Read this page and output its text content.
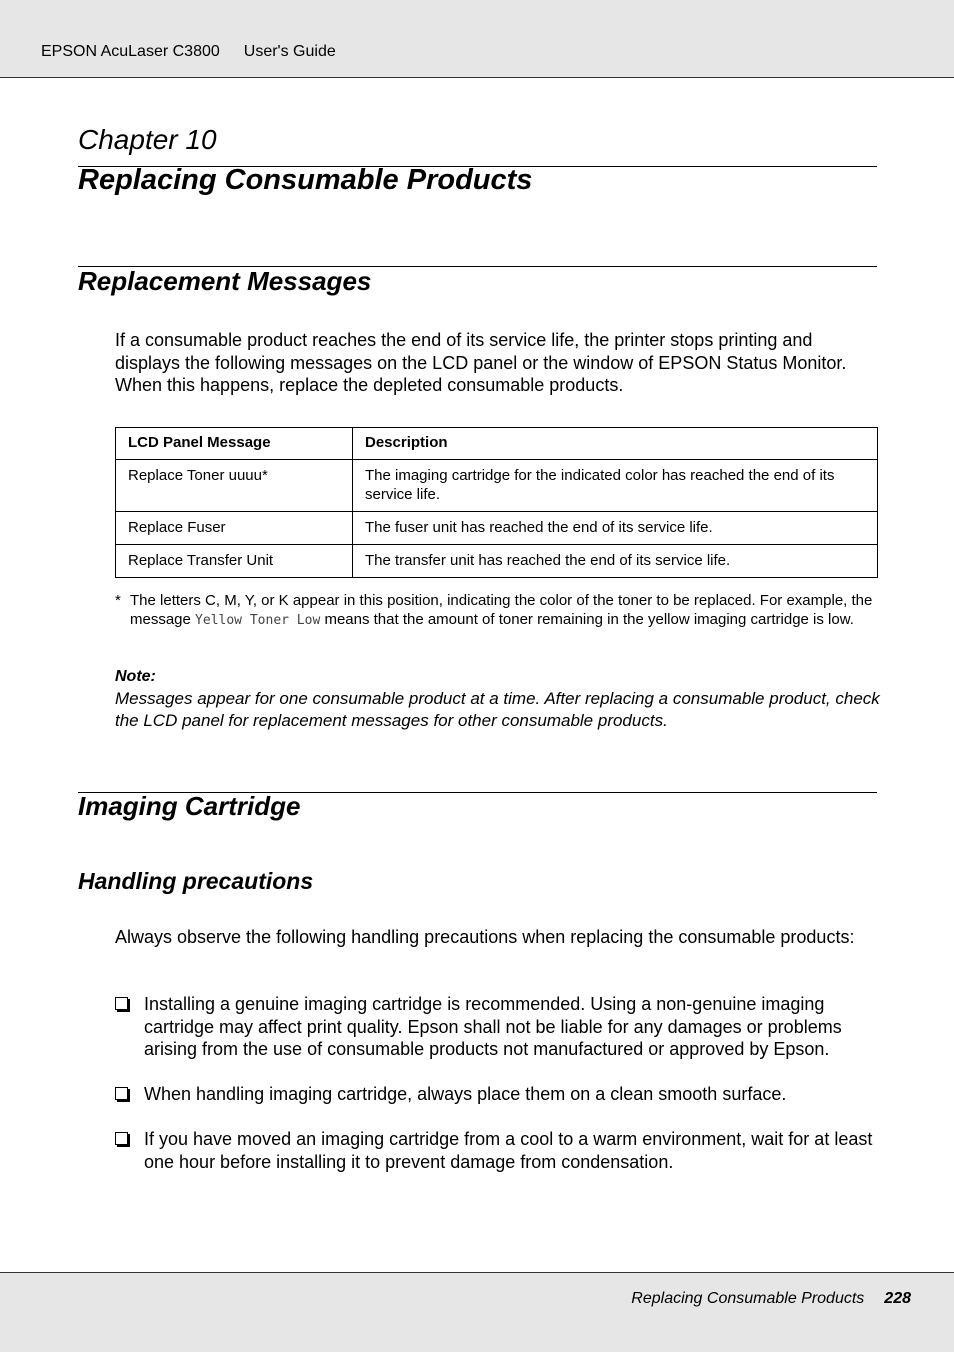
EPSON AcuLaser C3800 User's Guide
Chapter 10
Replacing Consumable Products
Replacement Messages
If a consumable product reaches the end of its service life, the printer stops printing and displays the following messages on the LCD panel or the window of EPSON Status Monitor. When this happens, replace the depleted consumable products.
LCD Panel Message	Description
Replace Toner uuuu*	The imaging cartridge for the indicated color has reached the end of its service life.
Replace Fuser	The fuser unit has reached the end of its service life.
Replace Transfer Unit	The transfer unit has reached the end of its service life.
* The letters C, M, Y, or K appear in this position, indicating the color of the toner to be replaced. For example, the message Yellow Toner Low means that the amount of toner remaining in the yellow imaging cartridge is low.
Note:
Messages appear for one consumable product at a time. After replacing a consumable product, check the LCD panel for replacement messages for other consumable products.
Imaging Cartridge
Handling precautions
Always observe the following handling precautions when replacing the consumable products:
Installing a genuine imaging cartridge is recommended. Using a non-genuine imaging cartridge may affect print quality. Epson shall not be liable for any damages or problems arising from the use of consumable products not manufactured or approved by Epson.
When handling imaging cartridge, always place them on a clean smooth surface.
If you have moved an imaging cartridge from a cool to a warm environment, wait for at least one hour before installing it to prevent damage from condensation.
Replacing Consumable Products 228
